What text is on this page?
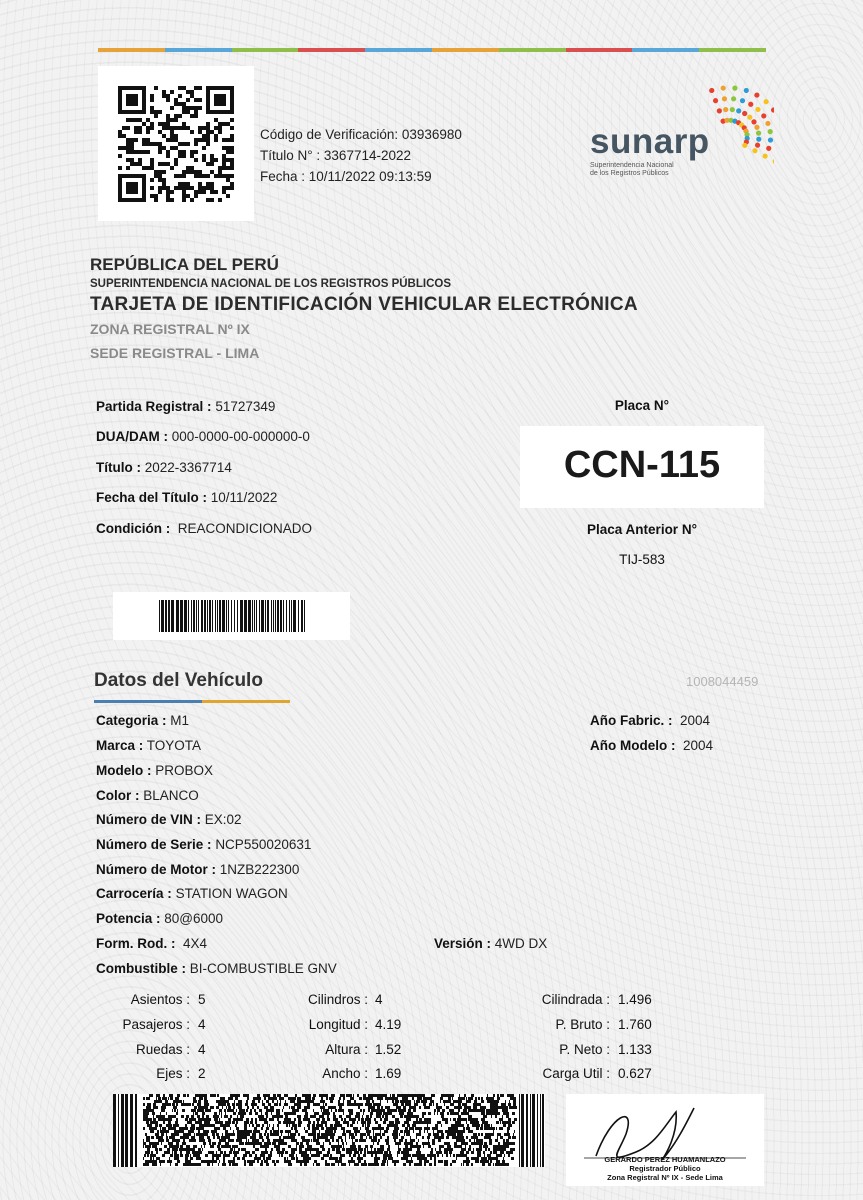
Código de Verificación: 03936980
Título N° : 3367714-2022
Fecha : 10/11/2022 09:13:59
sunarp
Superintendencia Nacional
de los Registros Públicos
REPÚBLICA DEL PERÚ
SUPERINTENDENCIA NACIONAL DE LOS REGISTROS PÚBLICOS
TARJETA DE IDENTIFICACIÓN VEHICULAR ELECTRÓNICA
ZONA REGISTRAL Nº IX
SEDE REGISTRAL - LIMA
Partida Registral : 51727349
DUA/DAM : 000-0000-00-000000-0
Título : 2022-3367714
Fecha del Título : 10/11/2022
Condición : REACONDICIONADO
Placa N°
CCN-115
Placa Anterior N°
TIJ-583
Datos del Vehículo	1008044459
Categoria : M1
Marca : TOYOTA
Modelo : PROBOX
Color : BLANCO
Número de VIN : EX:02
Número de Serie : NCP550020631
Número de Motor : 1NZB222300
Carrocería : STATION WAGON
Potencia : 80@6000
Form. Rod. : 4X4	Versión : 4WD DX
Combustible : BI-COMBUSTIBLE GNV
Año Fabric. : 2004
Año Modelo : 2004
Asientos : 5
Pasajeros : 4
Ruedas : 4
Ejes : 2
Cilindros : 4
Longitud : 4.19
Altura : 1.52
Ancho : 1.69
Cilindrada : 1.496
P. Bruto : 1.760
P. Neto : 1.133
Carga Util : 0.627
GERARDO PEREZ HUAMANLAZO
Registrador Público
Zona Registral Nº IX - Sede Lima
